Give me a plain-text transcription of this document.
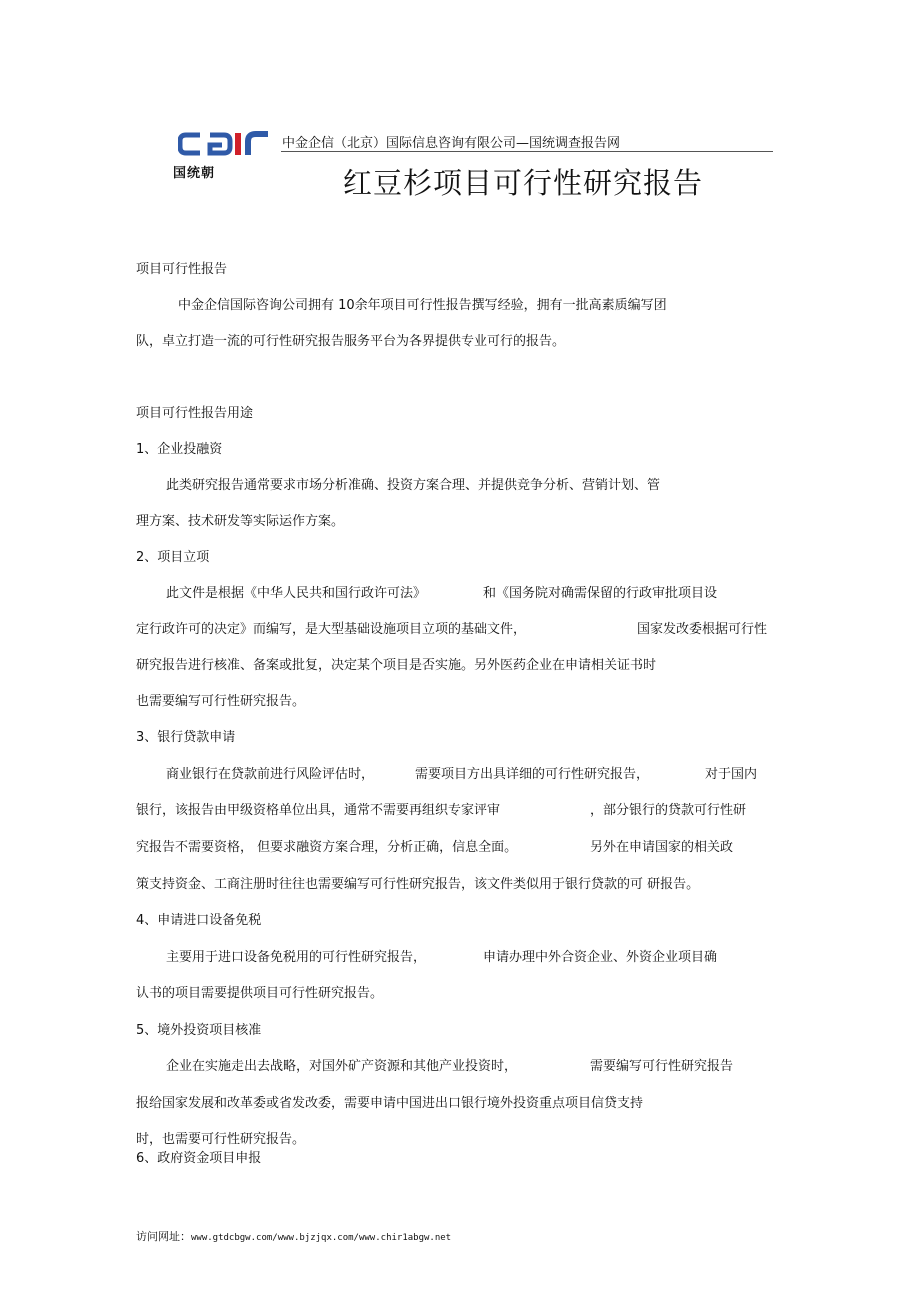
国统朝
中金企信（北京）国际信息咨询有限公司—国统调查报告网
红豆杉项目可行性研究报告
项目可行性报告
中金企信国际咨询公司拥有 10余年项目可行性报告撰写经验，拥有一批高素质编写团
队，卓立打造一流的可行性研究报告服务平台为各界提供专业可行的报告。
项目可行性报告用途
1、企业投融资
此类研究报告通常要求市场分析准确、投资方案合理、并提供竞争分析、营销计划、管
理方案、技术研发等实际运作方案。
2、项目立项
此文件是根据《中华人民共和国行政许可法》	和《国务院对确需保留的行政审批项目设
定行政许可的决定》而编写，是大型基础设施项目立项的基础文件，	国家发改委根据可行性
研究报告进行核准、备案或批复，决定某个项目是否实施。另外医药企业在申请相关证书时
也需要编写可行性研究报告。
3、银行贷款申请
商业银行在贷款前进行风险评估时，	需要项目方出具详细的可行性研究报告，	对于国内
银行，该报告由甲级资格单位出具，通常不需要再组织专家评审	，部分银行的贷款可行性研
究报告不需要资格， 但要求融资方案合理，分析正确，信息全面。	另外在申请国家的相关政
策支持资金、工商注册时往往也需要编写可行性研究报告，该文件类似用于银行贷款的可 研报告。
4、申请进口设备免税
主要用于进口设备免税用的可行性研究报告，	申请办理中外合资企业、外资企业项目确
认书的项目需要提供项目可行性研究报告。
5、境外投资项目核准
企业在实施走出去战略，对国外矿产资源和其他产业投资时，	需要编写可行性研究报告
报给国家发展和改革委或省发改委，需要申请中国进出口银行境外投资重点项目信贷支持
时，也需要可行性研究报告。
6、政府资金项目申报
访问网址：www.gtdcbgw.com/www.bjzjqx.com/www.chir1abgw.net
